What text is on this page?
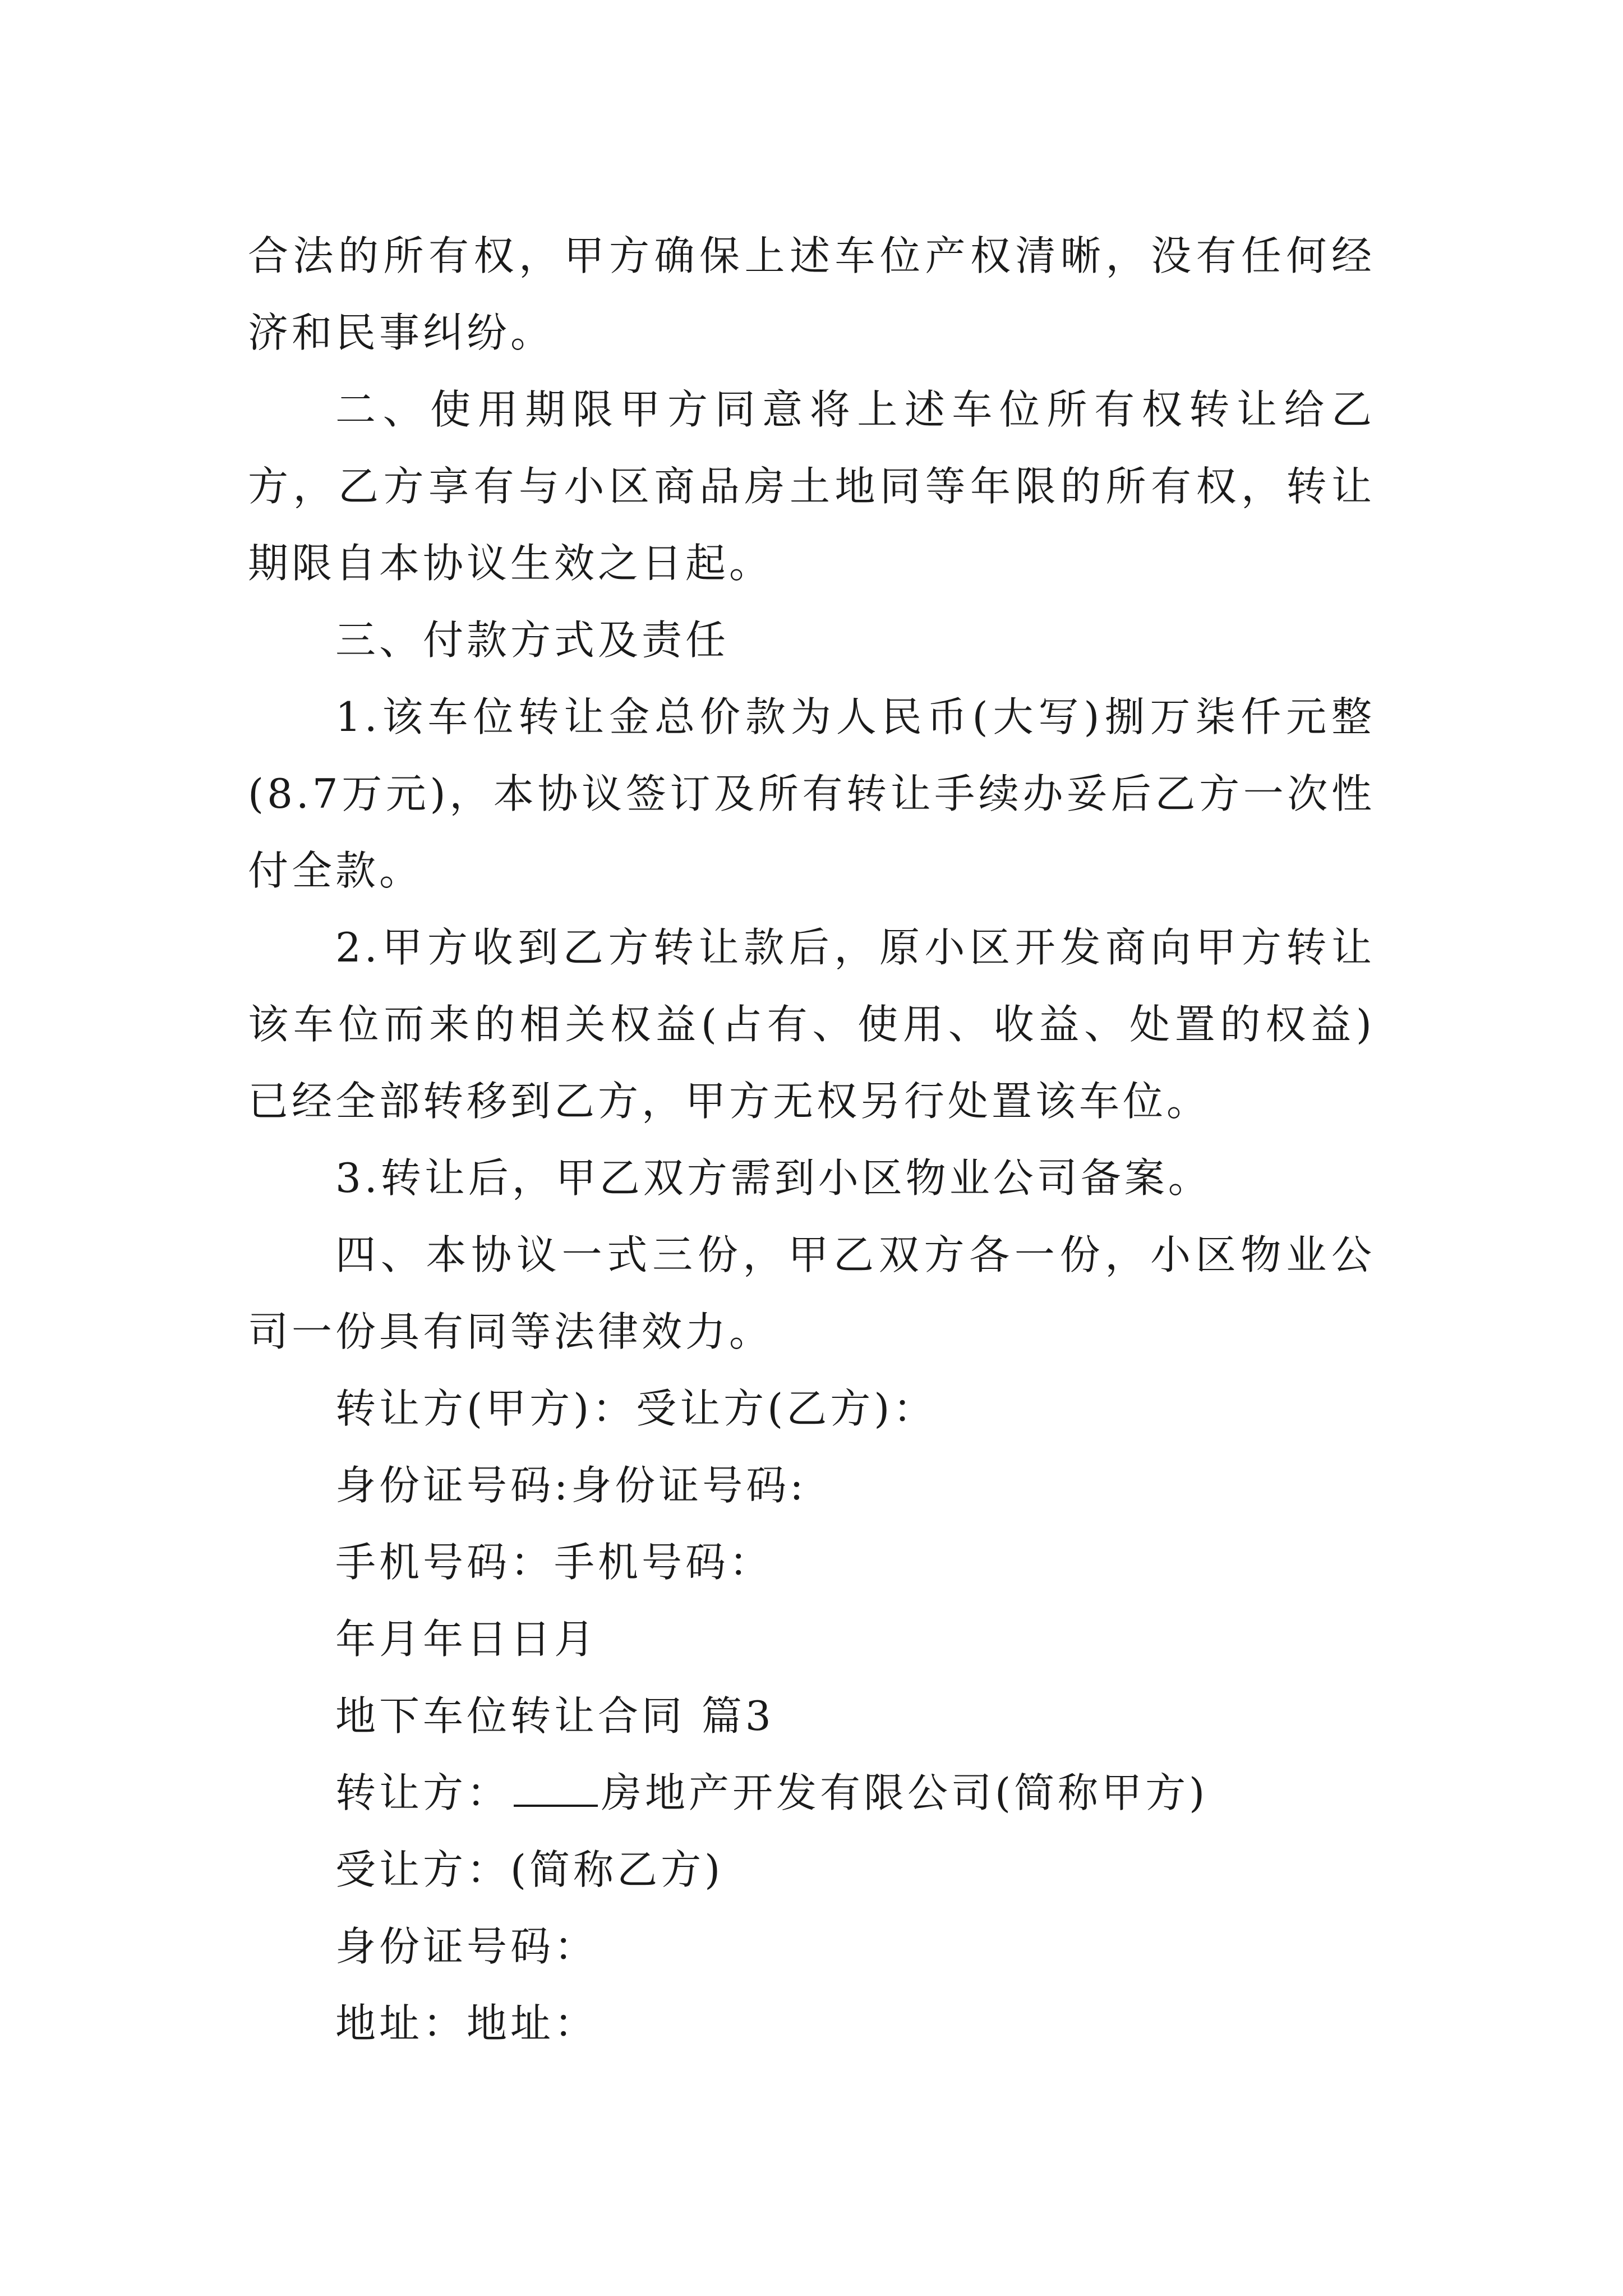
合法的所有权，甲方确保上述车位产权清晰，没有任何经济和民事纠纷。

二、使用期限甲方同意将上述车位所有权转让给乙方，乙方享有与小区商品房土地同等年限的所有权，转让期限自本协议生效之日起。

三、付款方式及责任

1.该车位转让金总价款为人民币(大写)捌万柒仟元整(8.7万元)，本协议签订及所有转让手续办妥后乙方一次性付全款。

2.甲方收到乙方转让款后，原小区开发商向甲方转让该车位而来的相关权益(占有、使用、收益、处置的权益)已经全部转移到乙方，甲方无权另行处置该车位。

3.转让后，甲乙双方需到小区物业公司备案。

四、本协议一式三份，甲乙双方各一份，小区物业公司一份具有同等法律效力。

转让方(甲方)：受让方(乙方)：

身份证号码:身份证号码:

手机号码：手机号码：

年月年日日月

地下车位转让合同 篇3

转让方： 房地产开发有限公司(简称甲方)

受让方：(简称乙方)

身份证号码：

地址：地址：
